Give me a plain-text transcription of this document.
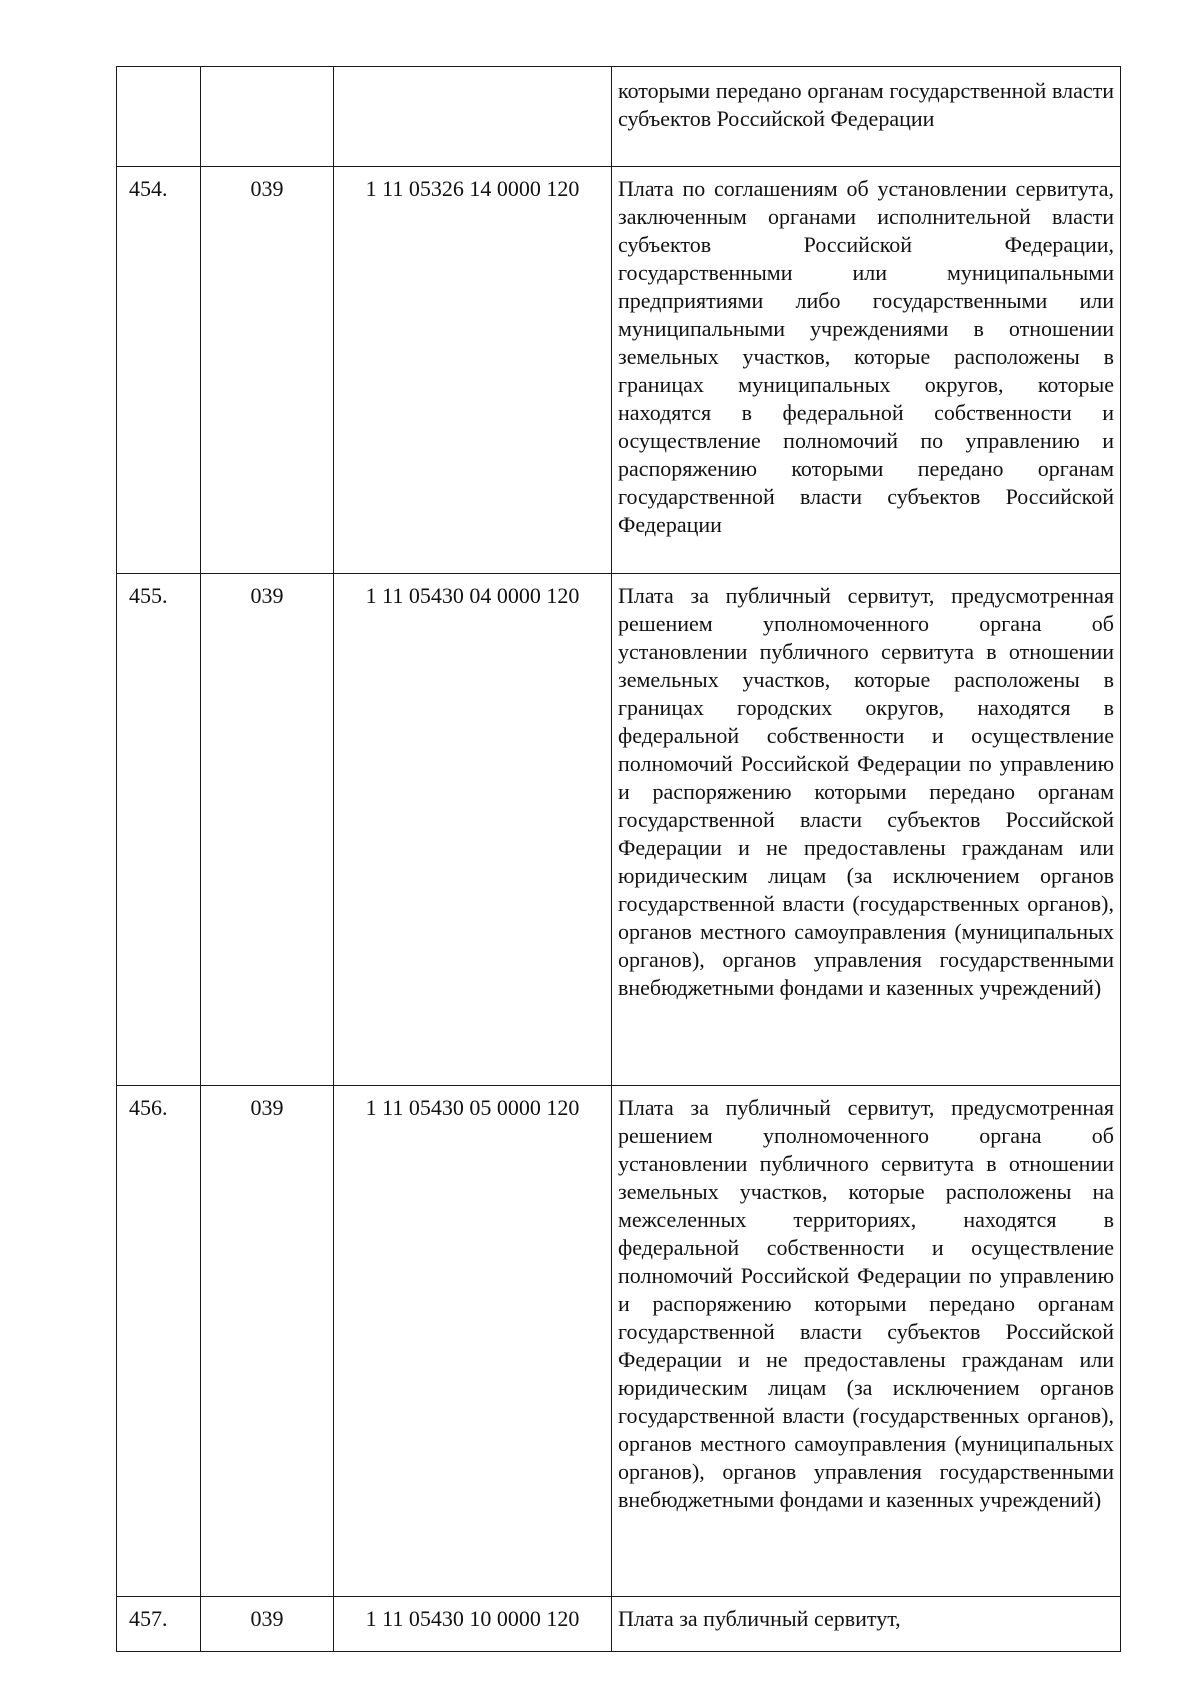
			которыми передано органам государственной власти субъектов Российской Федерации
454.	039	1 11 05326 14 0000 120	Плата по соглашениям об установлении сервитута, заключенным органами исполнительной власти субъектов Российской Федерации, государственными или муниципальными предприятиями либо государственными или муниципальными учреждениями в отношении земельных участков, которые расположены в границах муниципальных округов, которые находятся в федеральной собственности и осуществление полномочий по управлению и распоряжению которыми передано органам государственной власти субъектов Российской Федерации
455.	039	1 11 05430 04 0000 120	Плата за публичный сервитут, предусмотренная решением уполномоченного органа об установлении публичного сервитута в отношении земельных участков, которые расположены в границах городских округов, находятся в федеральной собственности и осуществление полномочий Российской Федерации по управлению и распоряжению которыми передано органам государственной власти субъектов Российской Федерации и не предоставлены гражданам или юридическим лицам (за исключением органов государственной власти (государственных органов), органов местного самоуправления (муниципальных органов), органов управления государственными внебюджетными фондами и казенных учреждений)
456.	039	1 11 05430 05 0000 120	Плата за публичный сервитут, предусмотренная решением уполномоченного органа об установлении публичного сервитута в отношении земельных участков, которые расположены на межселенных территориях, находятся в федеральной собственности и осуществление полномочий Российской Федерации по управлению и распоряжению которыми передано органам государственной власти субъектов Российской Федерации и не предоставлены гражданам или юридическим лицам (за исключением органов государственной власти (государственных органов), органов местного самоуправления (муниципальных органов), органов управления государственными внебюджетными фондами и казенных учреждений)
457.	039	1 11 05430 10 0000 120	Плата за публичный сервитут,
